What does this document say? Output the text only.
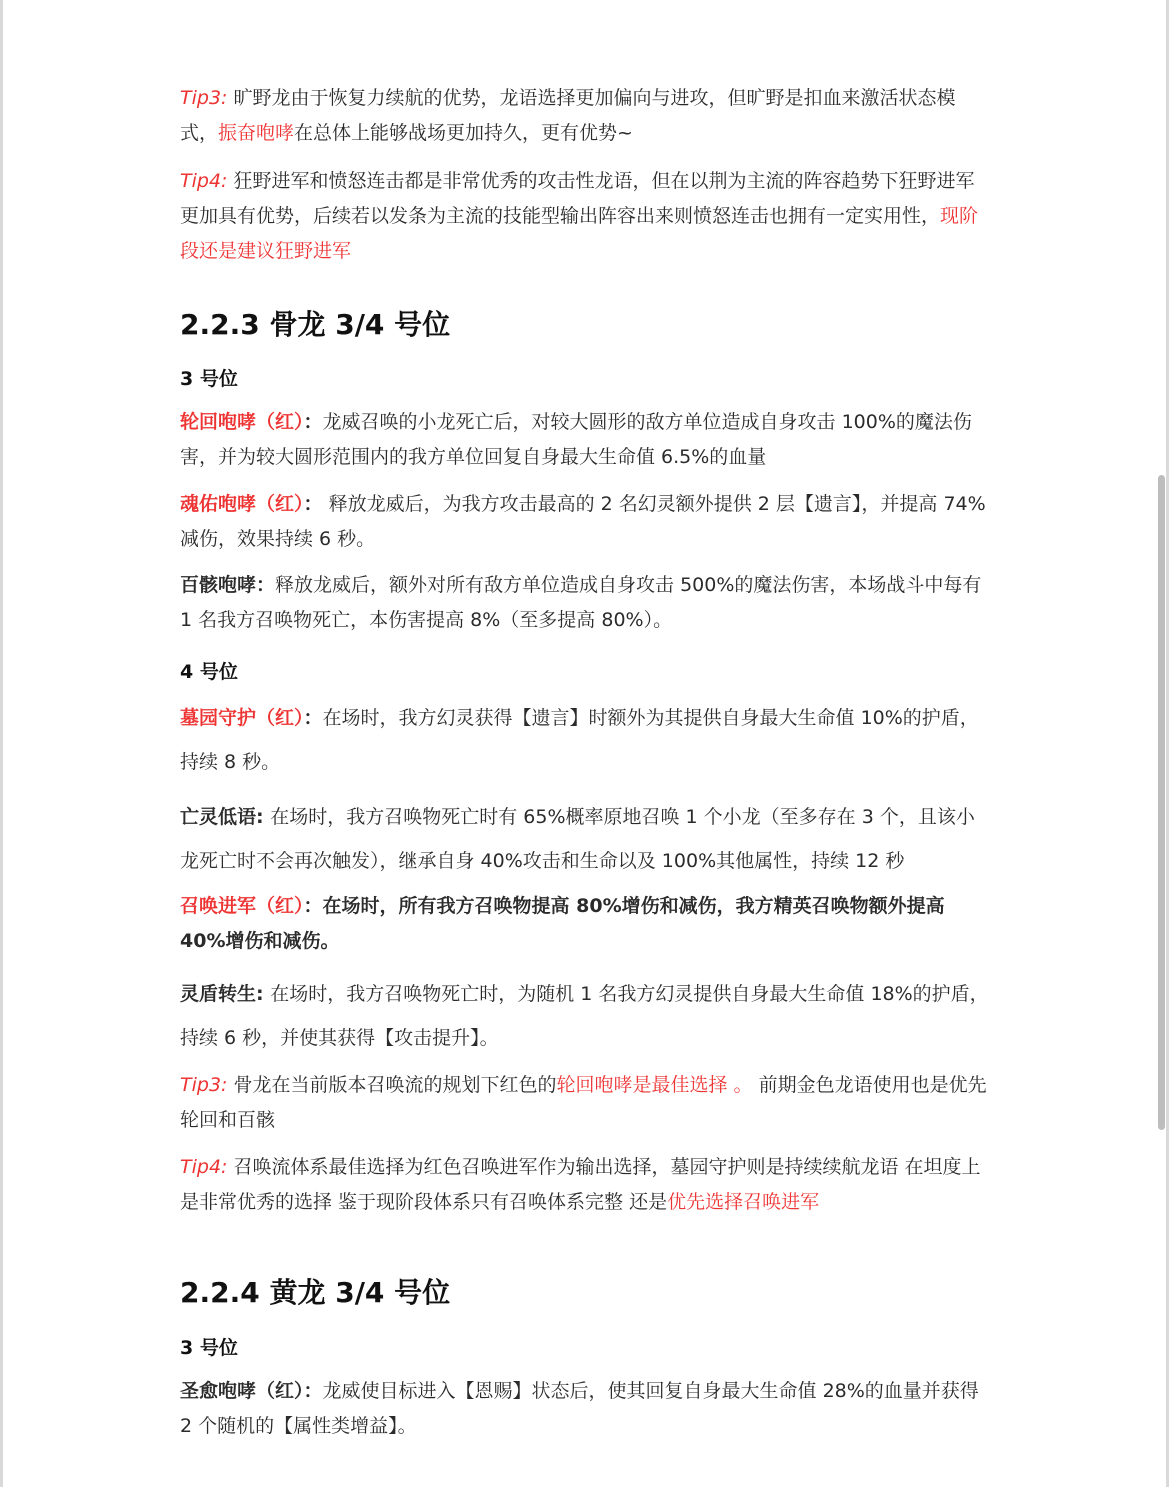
Tip3: 旷野龙由于恢复力续航的优势，龙语选择更加偏向与进攻，但旷野是扣血来激活状态模式，振奋咆哮在总体上能够战场更加持久，更有优势~

Tip4: 狂野进军和愤怒连击都是非常优秀的攻击性龙语，但在以荆为主流的阵容趋势下狂野进军更加具有优势，后续若以发条为主流的技能型输出阵容出来则愤怒连击也拥有一定实用性，现阶段还是建议狂野进军

2.2.3 骨龙 3/4 号位
3 号位

轮回咆哮（红）：龙威召唤的小龙死亡后，对较大圆形的敌方单位造成自身攻击 100%的魔法伤害，并为较大圆形范围内的我方单位回复自身最大生命值 6.5%的血量

魂佑咆哮（红）： 释放龙威后，为我方攻击最高的 2 名幻灵额外提供 2 层【遗言】，并提高 74%减伤，效果持续 6 秒。

百骸咆哮：释放龙威后，额外对所有敌方单位造成自身攻击 500%的魔法伤害，本场战斗中每有 1 名我方召唤物死亡，本伤害提高 8%（至多提高 80%）。

4 号位

墓园守护（红）：在场时，我方幻灵获得【遗言】时额外为其提供自身最大生命值 10%的护盾，持续 8 秒。

亡灵低语: 在场时，我方召唤物死亡时有 65%概率原地召唤 1 个小龙（至多存在 3 个，且该小龙死亡时不会再次触发），继承自身 40%攻击和生命以及 100%其他属性，持续 12 秒

召唤进军（红）：在场时，所有我方召唤物提高 80%增伤和减伤，我方精英召唤物额外提高 40%增伤和减伤。

灵盾转生: 在场时，我方召唤物死亡时，为随机 1 名我方幻灵提供自身最大生命值 18%的护盾，持续 6 秒，并使其获得【攻击提升】。

Tip3: 骨龙在当前版本召唤流的规划下红色的轮回咆哮是最佳选择 。 前期金色龙语使用也是优先轮回和百骸

Tip4: 召唤流体系最佳选择为红色召唤进军作为输出选择，墓园守护则是持续续航龙语 在坦度上是非常优秀的选择 鉴于现阶段体系只有召唤体系完整 还是优先选择召唤进军

2.2.4 黄龙 3/4 号位
3 号位

圣愈咆哮（红）：龙威使目标进入【恩赐】状态后，使其回复自身最大生命值 28%的血量并获得 2 个随机的【属性类增益】。
